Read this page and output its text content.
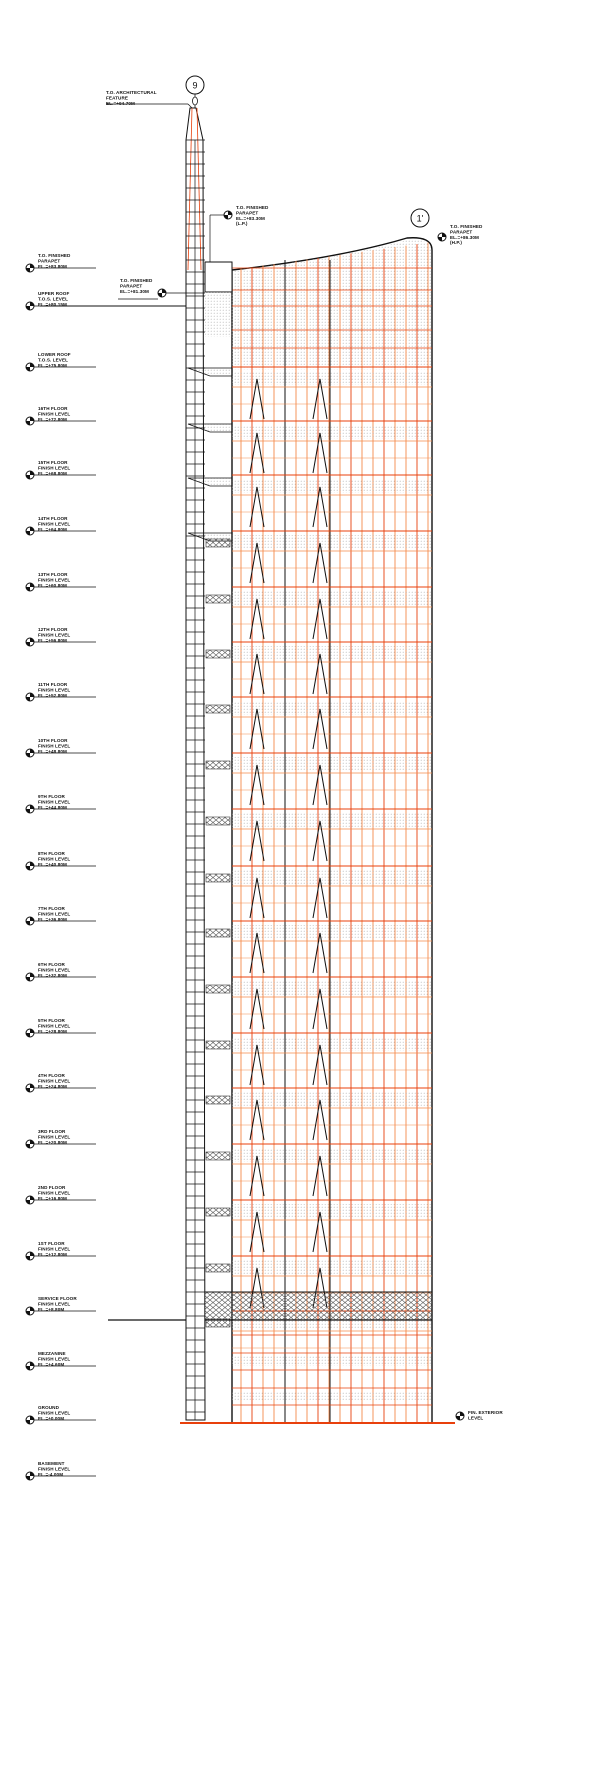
9
1'
T.O. FINISHED PARAPET EL.=+83.80M
UPPER ROOF T.O.S. LEVEL EL.=+80.15M
LOWER ROOF T.O.S. LEVEL EL.=+75.80M
16TH FLOOR FINISH LEVEL EL.=+72.80M
15TH FLOOR FINISH LEVEL EL.=+68.80M
14TH FLOOR FINISH LEVEL EL.=+64.80M
13TH FLOOR FINISH LEVEL EL.=+60.80M
12TH FLOOR FINISH LEVEL EL.=+56.80M
11TH FLOOR FINISH LEVEL EL.=+52.80M
10TH FLOOR FINISH LEVEL EL.=+48.80M
9TH FLOOR FINISH LEVEL EL.=+44.80M
8TH FLOOR FINISH LEVEL EL.=+40.80M
7TH FLOOR FINISH LEVEL EL.=+36.80M
6TH FLOOR FINISH LEVEL EL.=+32.80M
5TH FLOOR FINISH LEVEL EL.=+28.80M
4TH FLOOR FINISH LEVEL EL.=+24.80M
3RD FLOOR FINISH LEVEL EL.=+20.80M
2ND FLOOR FINISH LEVEL EL.=+16.80M
1ST FLOOR FINISH LEVEL EL.=+12.80M
SERVICE FLOOR FINISH LEVEL EL.=+8.80M
MEZZANINE FINISH LEVEL EL.=+4.60M
GROUND FINISH LEVEL EL.=±0.00M
BASEMENT FINISH LEVEL EL.=-4.00M
T.O. ARCHITECTURAL FEATURE EL.=+94.70M
T.O. FINISHED PARAPET EL.=+83.30M (L.P.)
T.O. FINISHED PARAPET EL.=+81.30M
T.O. FINISHED PARAPET EL.=+86.30M (H.P.)
FIN. EXTERIOR LEVEL
